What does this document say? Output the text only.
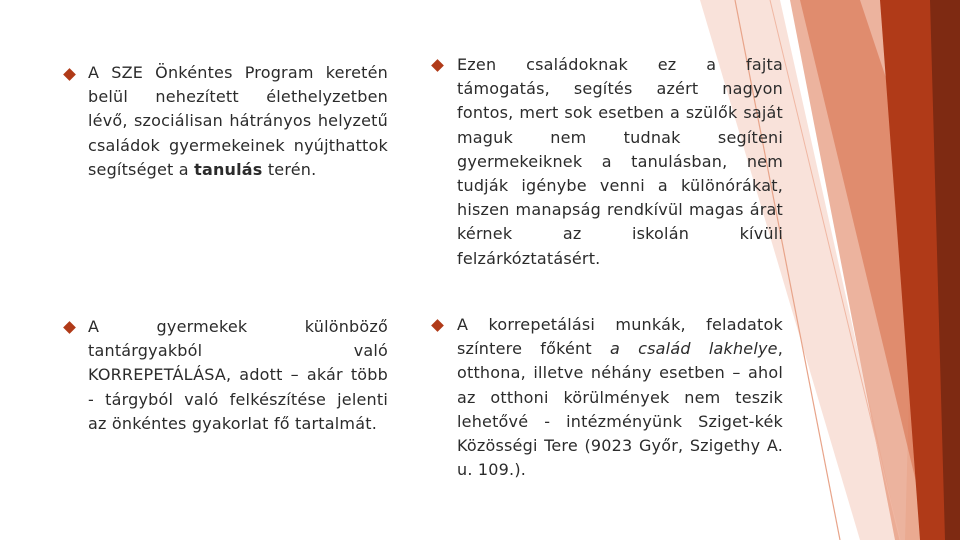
A SZE Önkéntes Program keretén belül nehezített élethelyzetben lévő, szociálisan hátrányos helyzetű családok gyermekeinek nyújthattok segítséget a tanulás terén.
A gyermekek különböző tantárgyakból való KORREPETÁLÁSA, adott – akár több - tárgyból való felkészítése jelenti az önkéntes gyakorlat fő tartalmát.
Ezen családoknak ez a fajta támogatás, segítés azért nagyon fontos, mert sok esetben a szülők saját maguk nem tudnak segíteni gyermekeiknek a tanulásban, nem tudják igénybe venni a különórákat, hiszen manapság rendkívül magas árat kérnek az iskolán kívüli felzárkóztatásért.
A korrepetálási munkák, feladatok színtere főként a család lakhelye, otthona, illetve néhány esetben – ahol az otthoni körülmények nem teszik lehetővé - intézményünk Sziget-kék Közösségi Tere (9023 Győr, Szigethy A. u. 109.).
